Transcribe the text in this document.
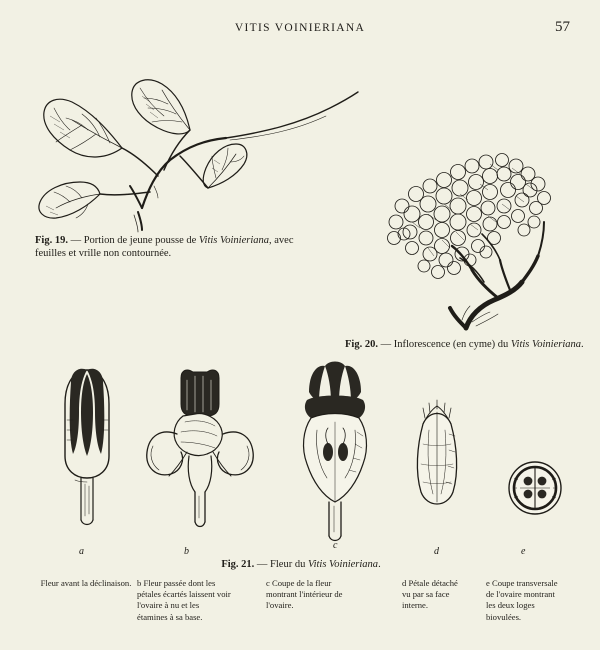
VITIS VOINIERIANA	57
Fig. 19. — Portion de jeune pousse de Vitis Voinieriana, avec feuilles et vrille non contournée.
Fig. 20. — Inflorescence (en cyme) du Vitis Voinieriana.
a	b
c
d	e
Fig. 21. — Fleur du Vitis Voinieriana.
Fleur avant la déclinaison. b Fleur passée dont les pétales écartés laissent voir l'ovaire à nu et les étamines à sa base.
c Coupe de la fleur montrant l'intérieur de l'ovaire.
d Pétale détaché vu par sa face interne.
e Coupe transversale de l'ovaire montrant les deux loges biovulées.
